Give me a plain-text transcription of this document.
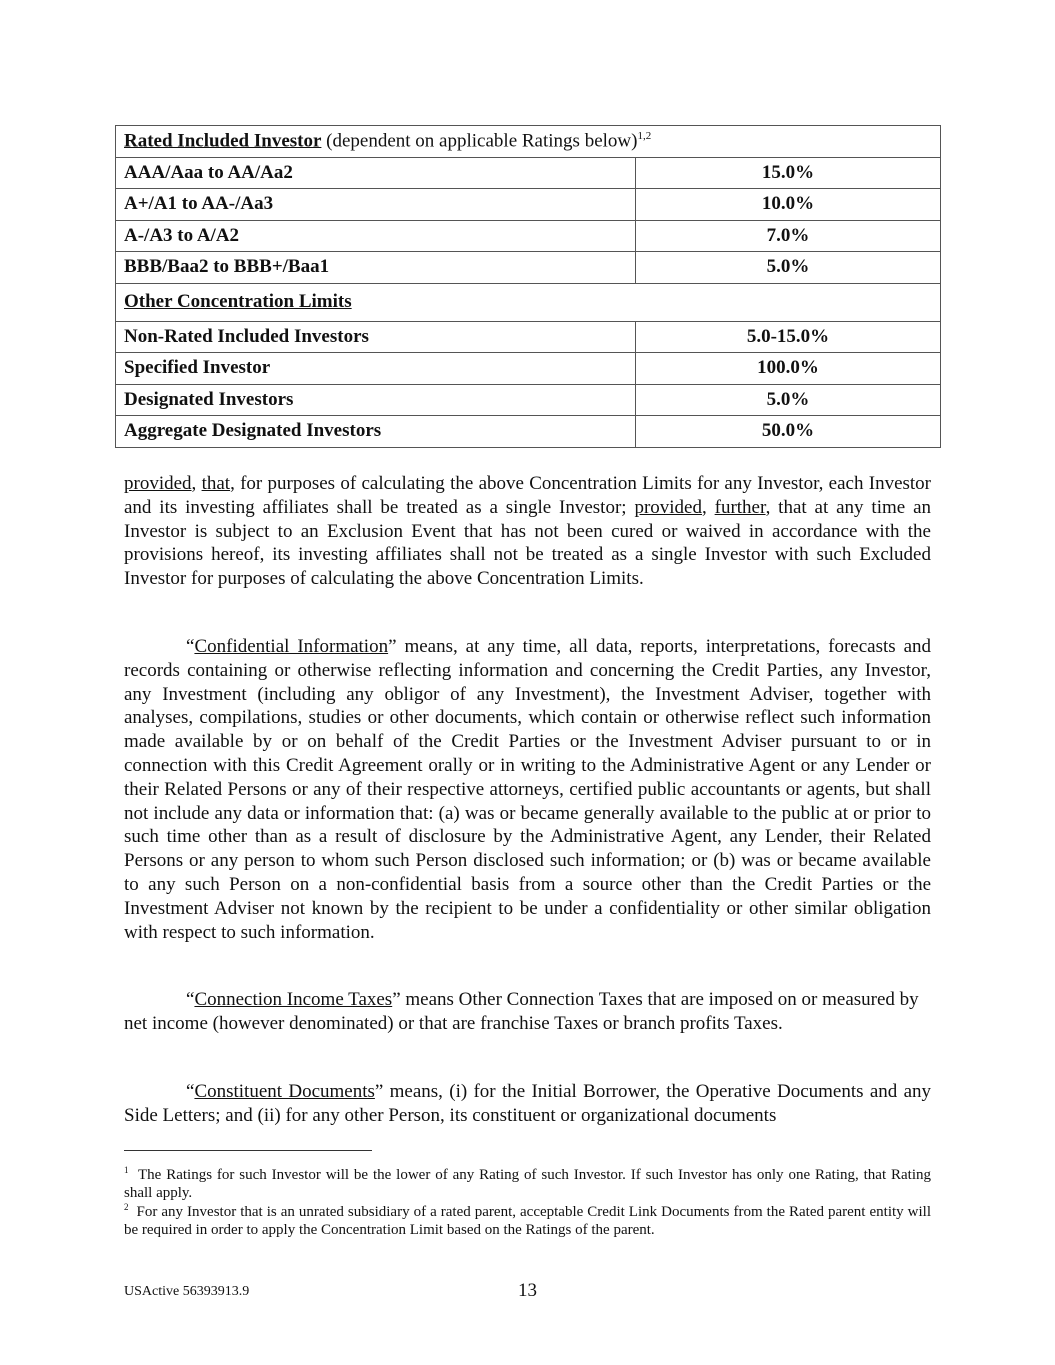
Rated Included Investor (dependent on applicable Ratings below)$^{1,2}$
AAA/Aaa to AA/Aa2	15.0%
A+/A1 to AA-/Aa3	10.0%
A-/A3 to A/A2	7.0%
BBB/Baa2 to BBB+/Baa1	5.0%
Other Concentration Limits	
Non-Rated Included Investors	5.0-15.0%
Specified Investor	100.0%
Designated Investors	5.0%
Aggregate Designated Investors	50.0%

provided, that, for purposes of calculating the above Concentration Limits for any Investor, each Investor and its investing affiliates shall be treated as a single Investor; provided, further, that at any time an Investor is subject to an Exclusion Event that has not been cured or waived in accordance with the provisions hereof, its investing affiliates shall not be treated as a single Investor with such Excluded Investor for purposes of calculating the above Concentration Limits.

“Confidential Information” means, at any time, all data, reports, interpretations, forecasts and records containing or otherwise reflecting information and concerning the Credit Parties, any Investor, any Investment (including any obligor of any Investment), the Investment Adviser, together with analyses, compilations, studies or other documents, which contain or otherwise reflect such information made available by or on behalf of the Credit Parties or the Investment Adviser pursuant to or in connection with this Credit Agreement orally or in writing to the Administrative Agent or any Lender or their Related Persons or any of their respective attorneys, certified public accountants or agents, but shall not include any data or information that: (a) was or became generally available to the public at or prior to such time other than as a result of disclosure by the Administrative Agent, any Lender, their Related Persons or any person to whom such Person disclosed such information; or (b) was or became available to any such Person on a non-confidential basis from a source other than the Credit Parties or the Investment Adviser not known by the recipient to be under a confidentiality or other similar obligation with respect to such information.

“Connection Income Taxes” means Other Connection Taxes that are imposed on or measured by net income (however denominated) or that are franchise Taxes or branch profits Taxes.

“Constituent Documents” means, (i) for the Initial Borrower, the Operative Documents and any Side Letters; and (ii) for any other Person, its constituent or organizational documents

$^1$ The Ratings for such Investor will be the lower of any Rating of such Investor. If such Investor has only one Rating, that Rating shall apply.

$^2$ For any Investor that is an unrated subsidiary of a rated parent, acceptable Credit Link Documents from the Rated parent entity will be required in order to apply the Concentration Limit based on the Ratings of the parent.

USActive 56393913.9	13
